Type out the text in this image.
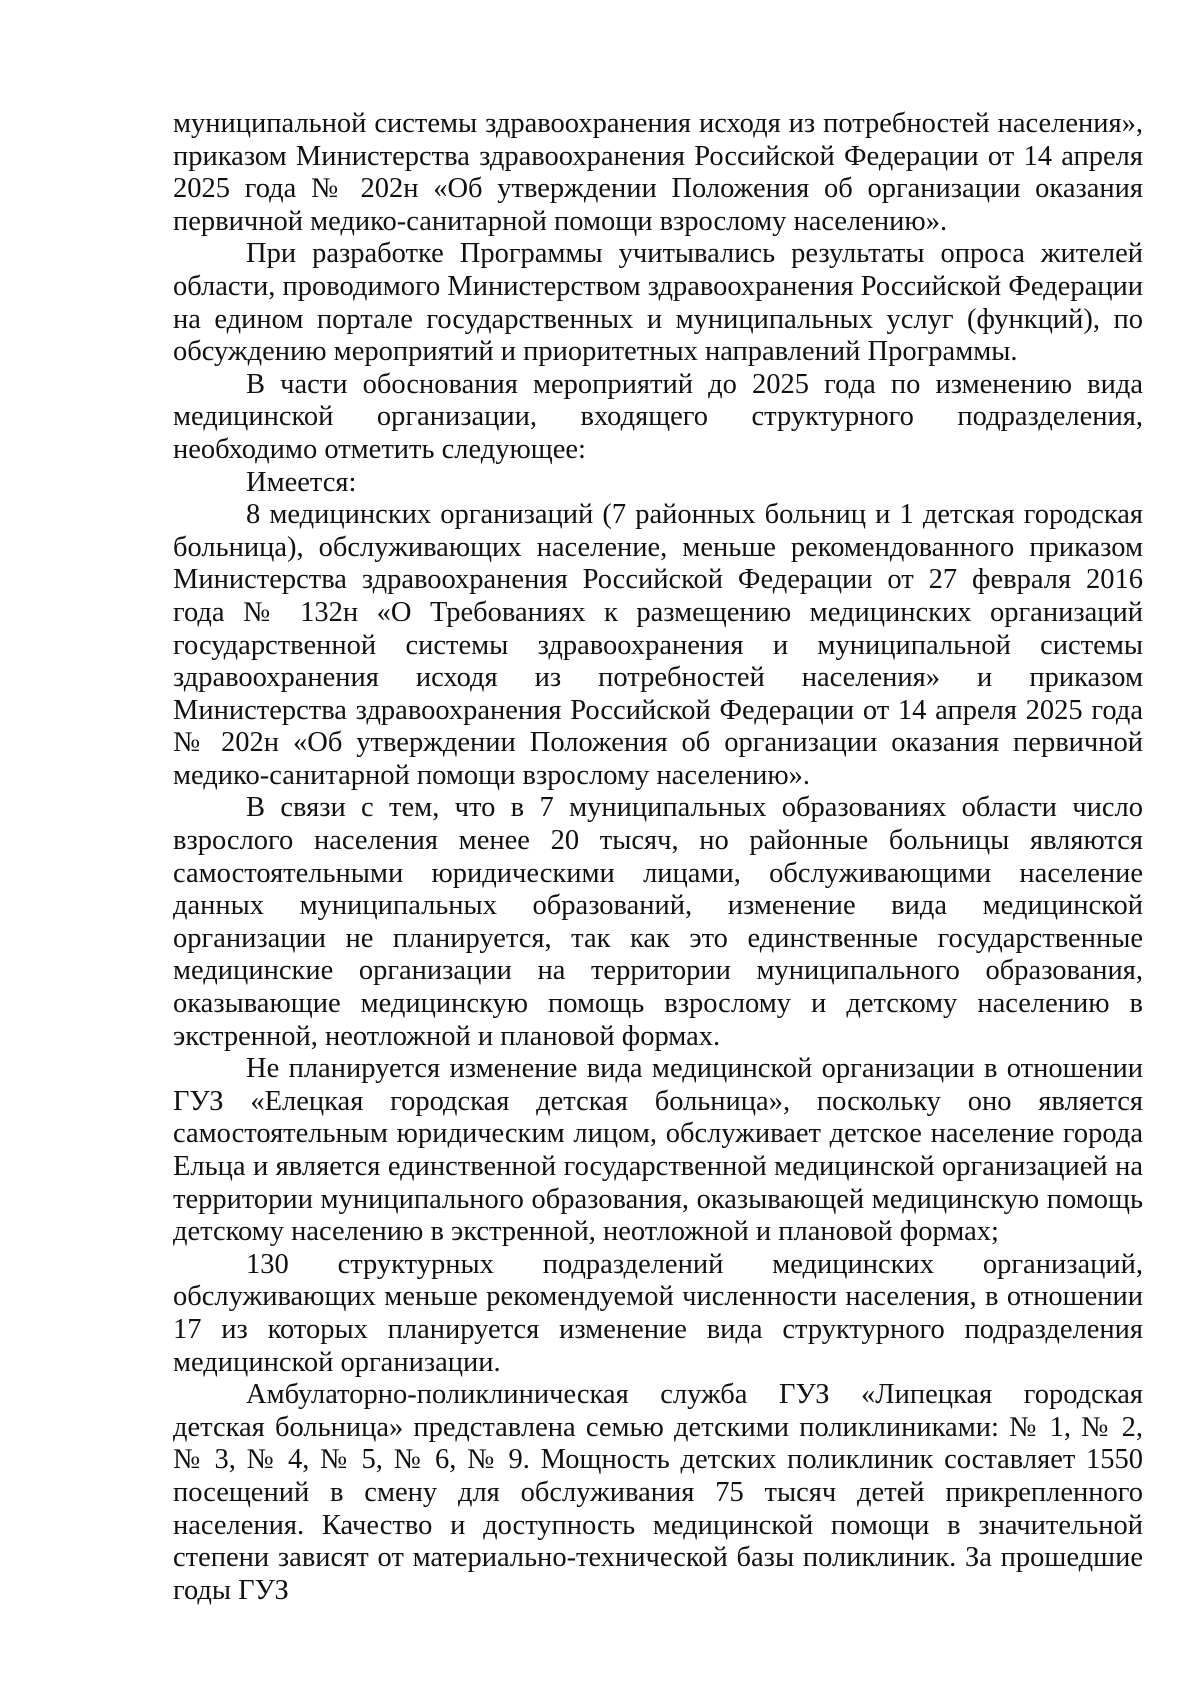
муниципальной системы здравоохранения исходя из потребностей населения», приказом Министерства здравоохранения Российской Федерации от 14 апреля 2025 года № 202н «Об утверждении Положения об организации оказания первичной медико-санитарной помощи взрослому населению».

При разработке Программы учитывались результаты опроса жителей области, проводимого Министерством здравоохранения Российской Федерации на едином портале государственных и муниципальных услуг (функций), по обсуждению мероприятий и приоритетных направлений Программы.

В части обоснования мероприятий до 2025 года по изменению вида медицинской организации, входящего структурного подразделения, необходимо отметить следующее:

Имеется:

8 медицинских организаций (7 районных больниц и 1 детская городская больница), обслуживающих население, меньше рекомендованного приказом Министерства здравоохранения Российской Федерации от 27 февраля 2016 года № 132н «О Требованиях к размещению медицинских организаций государственной системы здравоохранения и муниципальной системы здравоохранения исходя из потребностей населения» и приказом Министерства здравоохранения Российской Федерации от 14 апреля 2025 года № 202н «Об утверждении Положения об организации оказания первичной медико-санитарной помощи взрослому населению».

В связи с тем, что в 7 муниципальных образованиях области число взрослого населения менее 20 тысяч, но районные больницы являются самостоятельными юридическими лицами, обслуживающими население данных муниципальных образований, изменение вида медицинской организации не планируется, так как это единственные государственные медицинские организации на территории муниципального образования, оказывающие медицинскую помощь взрослому и детскому населению в экстренной, неотложной и плановой формах.

Не планируется изменение вида медицинской организации в отношении ГУЗ «Елецкая городская детская больница», поскольку оно является самостоятельным юридическим лицом, обслуживает детское население города Ельца и является единственной государственной медицинской организацией на территории муниципального образования, оказывающей медицинскую помощь детскому населению в экстренной, неотложной и плановой формах;

130 структурных подразделений медицинских организаций, обслуживающих меньше рекомендуемой численности населения, в отношении 17 из которых планируется изменение вида структурного подразделения медицинской организации.

Амбулаторно-поликлиническая служба ГУЗ «Липецкая городская детская больница» представлена семью детскими поликлиниками: № 1, № 2, № 3, № 4, № 5, № 6, № 9. Мощность детских поликлиник составляет 1550 посещений в смену для обслуживания 75 тысяч детей прикрепленного населения. Качество и доступность медицинской помощи в значительной степени зависят от материально-технической базы поликлиник. За прошедшие годы ГУЗ
